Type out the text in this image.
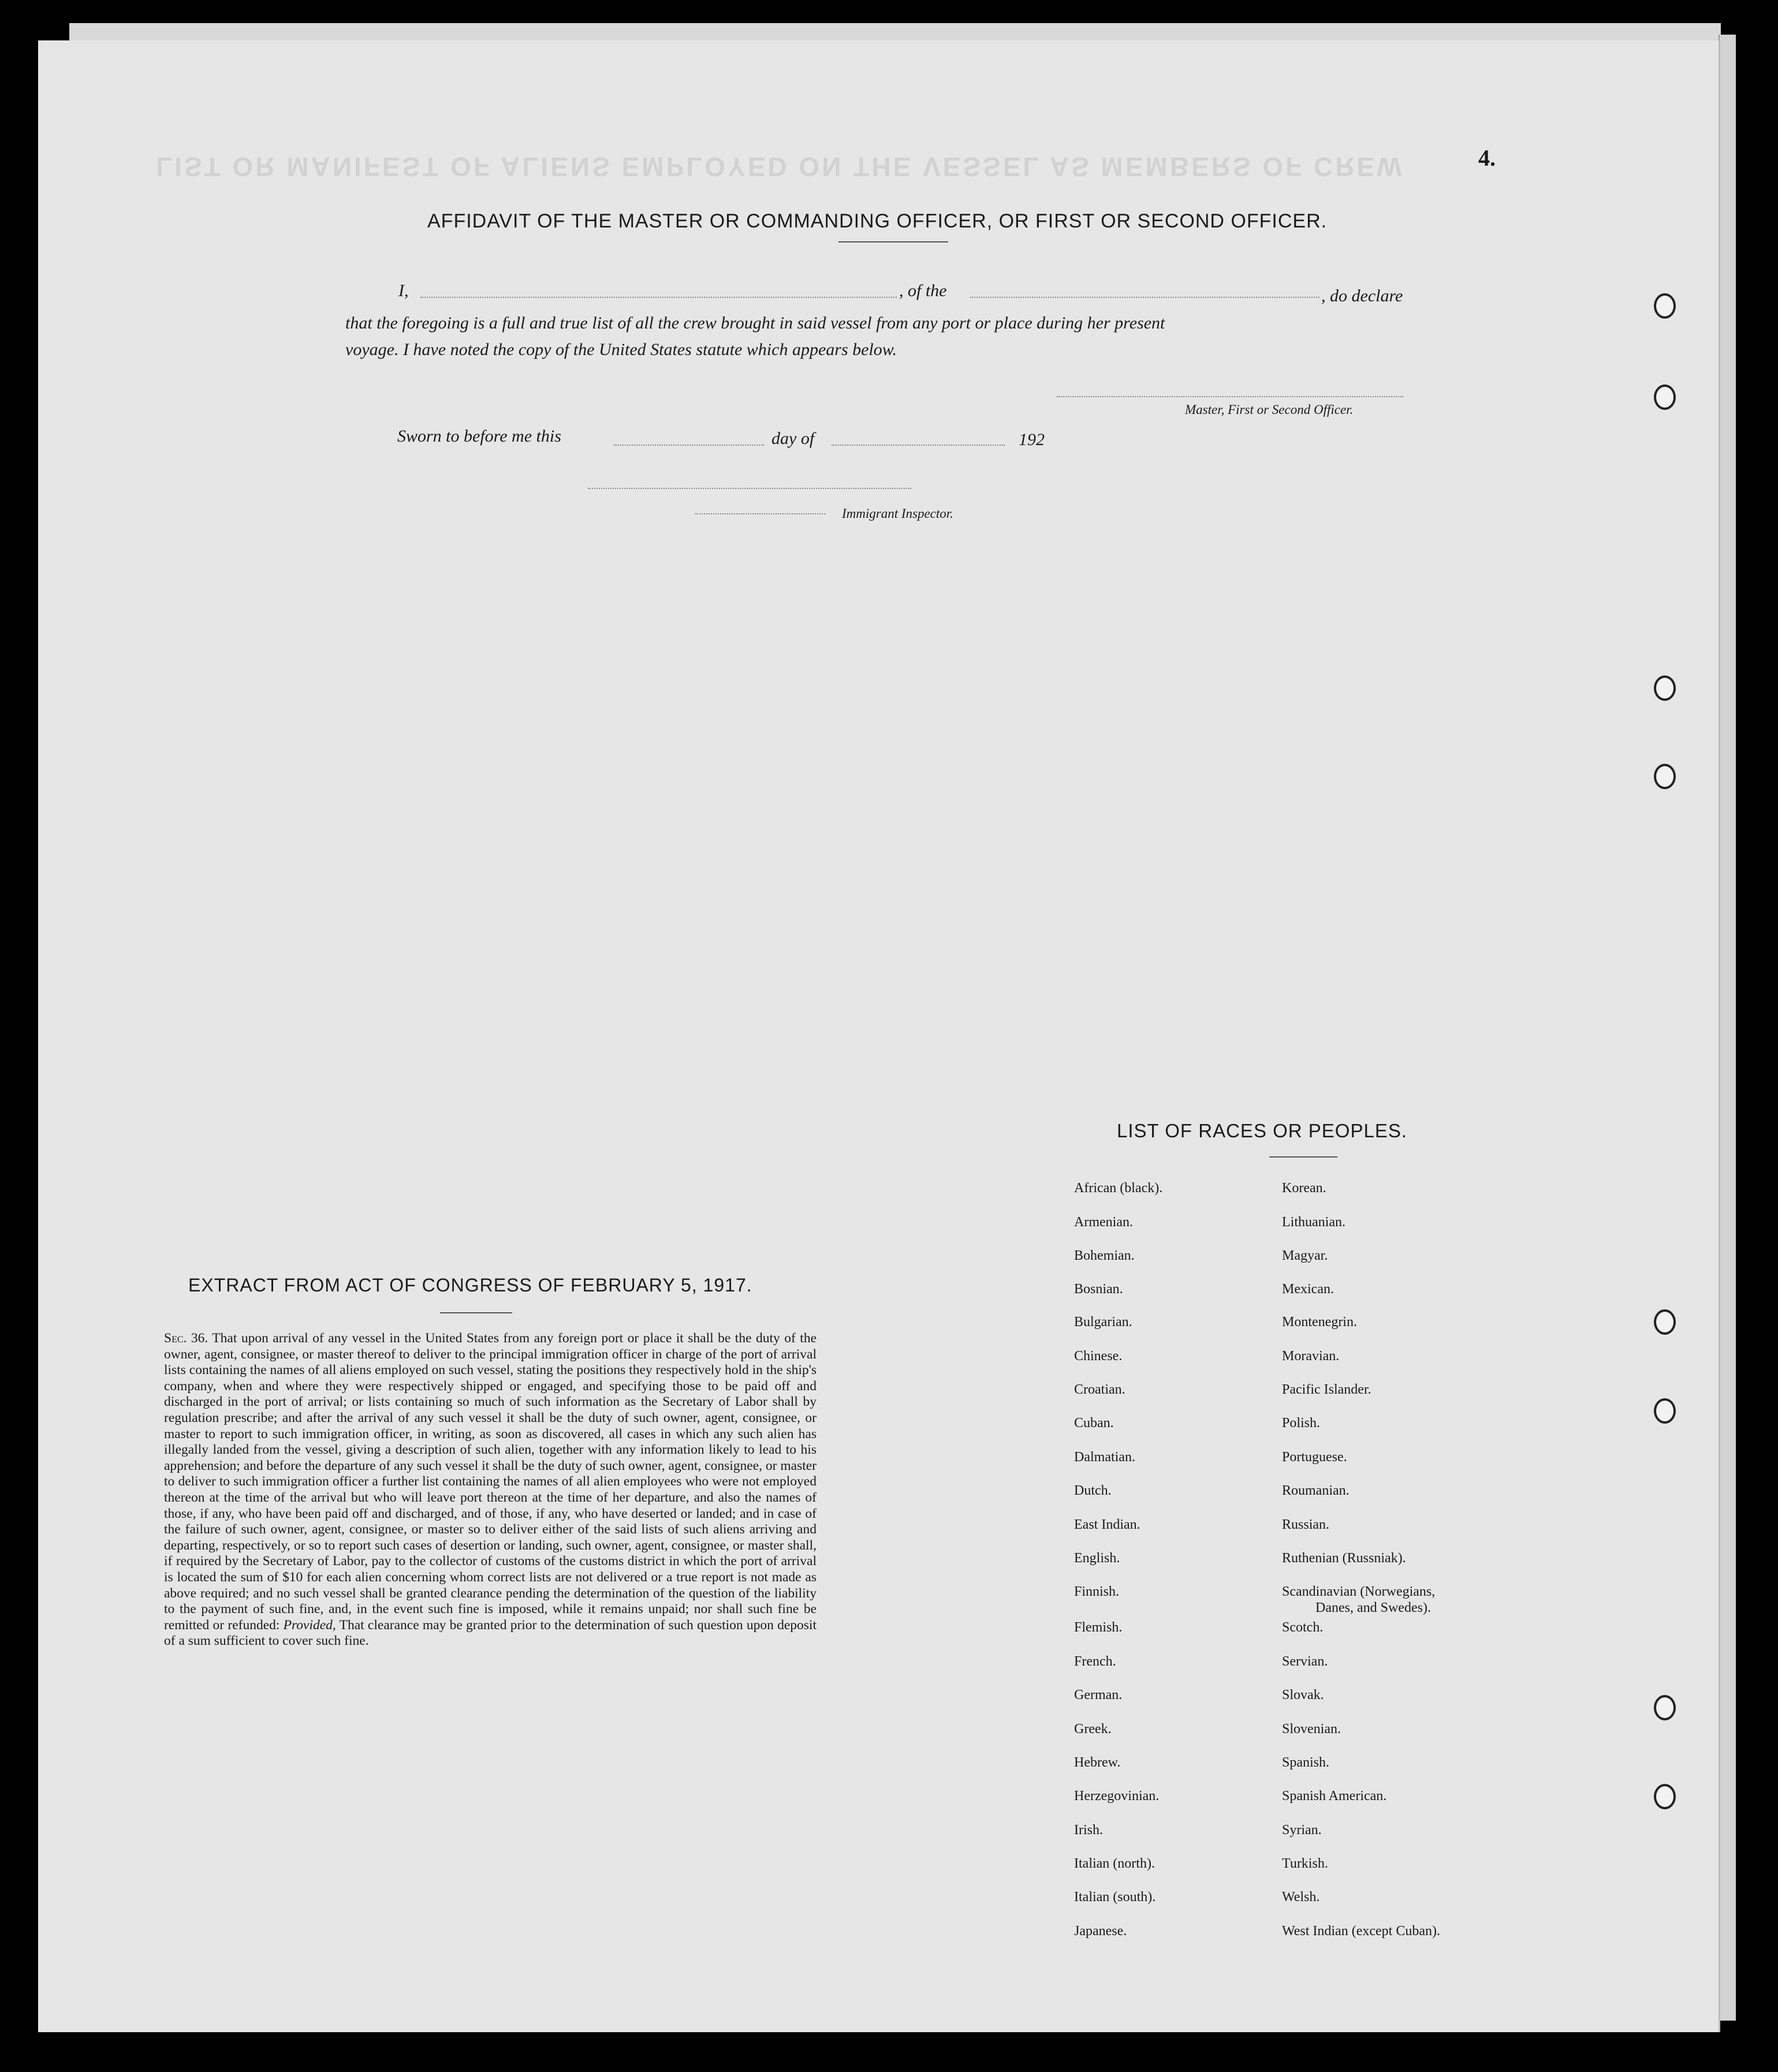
LIST OR MANIFEST OF ALIENS EMPLOYED ON THE VESSEL AS MEMBERS OF CREW	4.
AFFIDAVIT OF THE MASTER OR COMMANDING OFFICER, OR FIRST OR SECOND OFFICER.
I,	, of the	, do declare
that the foregoing is a full and true list of all the crew brought in said vessel from any port or place during her present
voyage. I have noted the copy of the United States statute which appears below.
Master, First or Second Officer.
Sworn to before me this	day of	192
Immigrant Inspector.
EXTRACT FROM ACT OF CONGRESS OF FEBRUARY 5, 1917.
Sec. 36. That upon arrival of any vessel in the United States from any foreign port or place it shall be the duty of the owner, agent, consignee, or master thereof to deliver to the principal immigration officer in charge of the port of arrival lists containing the names of all aliens employed on such vessel, stating the positions they respectively hold in the ship's company, when and where they were respectively shipped or engaged, and specifying those to be paid off and discharged in the port of arrival; or lists containing so much of such information as the Secretary of Labor shall by regulation prescribe; and after the arrival of any such vessel it shall be the duty of such owner, agent, consignee, or master to report to such immigration officer, in writing, as soon as discovered, all cases in which any such alien has illegally landed from the vessel, giving a description of such alien, together with any information likely to lead to his apprehension; and before the departure of any such vessel it shall be the duty of such owner, agent, consignee, or master to deliver to such immigration officer a further list containing the names of all alien employees who were not employed thereon at the time of the arrival but who will leave port thereon at the time of her departure, and also the names of those, if any, who have been paid off and discharged, and of those, if any, who have deserted or landed; and in case of the failure of such owner, agent, consignee, or master so to deliver either of the said lists of such aliens arriving and departing, respectively, or so to report such cases of desertion or landing, such owner, agent, consignee, or master shall, if required by the Secretary of Labor, pay to the collector of customs of the customs district in which the port of arrival is located the sum of $10 for each alien concerning whom correct lists are not delivered or a true report is not made as above required; and no such vessel shall be granted clearance pending the determination of the question of the liability to the payment of such fine, and, in the event such fine is imposed, while it remains unpaid; nor shall such fine be remitted or refunded: Provided, That clearance may be granted prior to the determination of such question upon deposit of a sum sufficient to cover such fine.
LIST OF RACES OR PEOPLES.
African (black).
Armenian.
Bohemian.
Bosnian.
Bulgarian.
Chinese.
Croatian.
Cuban.
Dalmatian.
Dutch.
East Indian.
English.
Finnish.
Flemish.
French.
German.
Greek.
Hebrew.
Herzegovinian.
Irish.
Italian (north).
Italian (south).
Japanese.
Korean.
Lithuanian.
Magyar.
Mexican.
Montenegrin.
Moravian.
Pacific Islander.
Polish.
Portuguese.
Roumanian.
Russian.
Ruthenian (Russniak).
Scandinavian (Norwegians,
Scotch.
Servian.
Slovak.
Slovenian.
Spanish.
Spanish American.
Syrian.
Turkish.
Welsh.
West Indian (except Cuban).
Danes, and Swedes).
